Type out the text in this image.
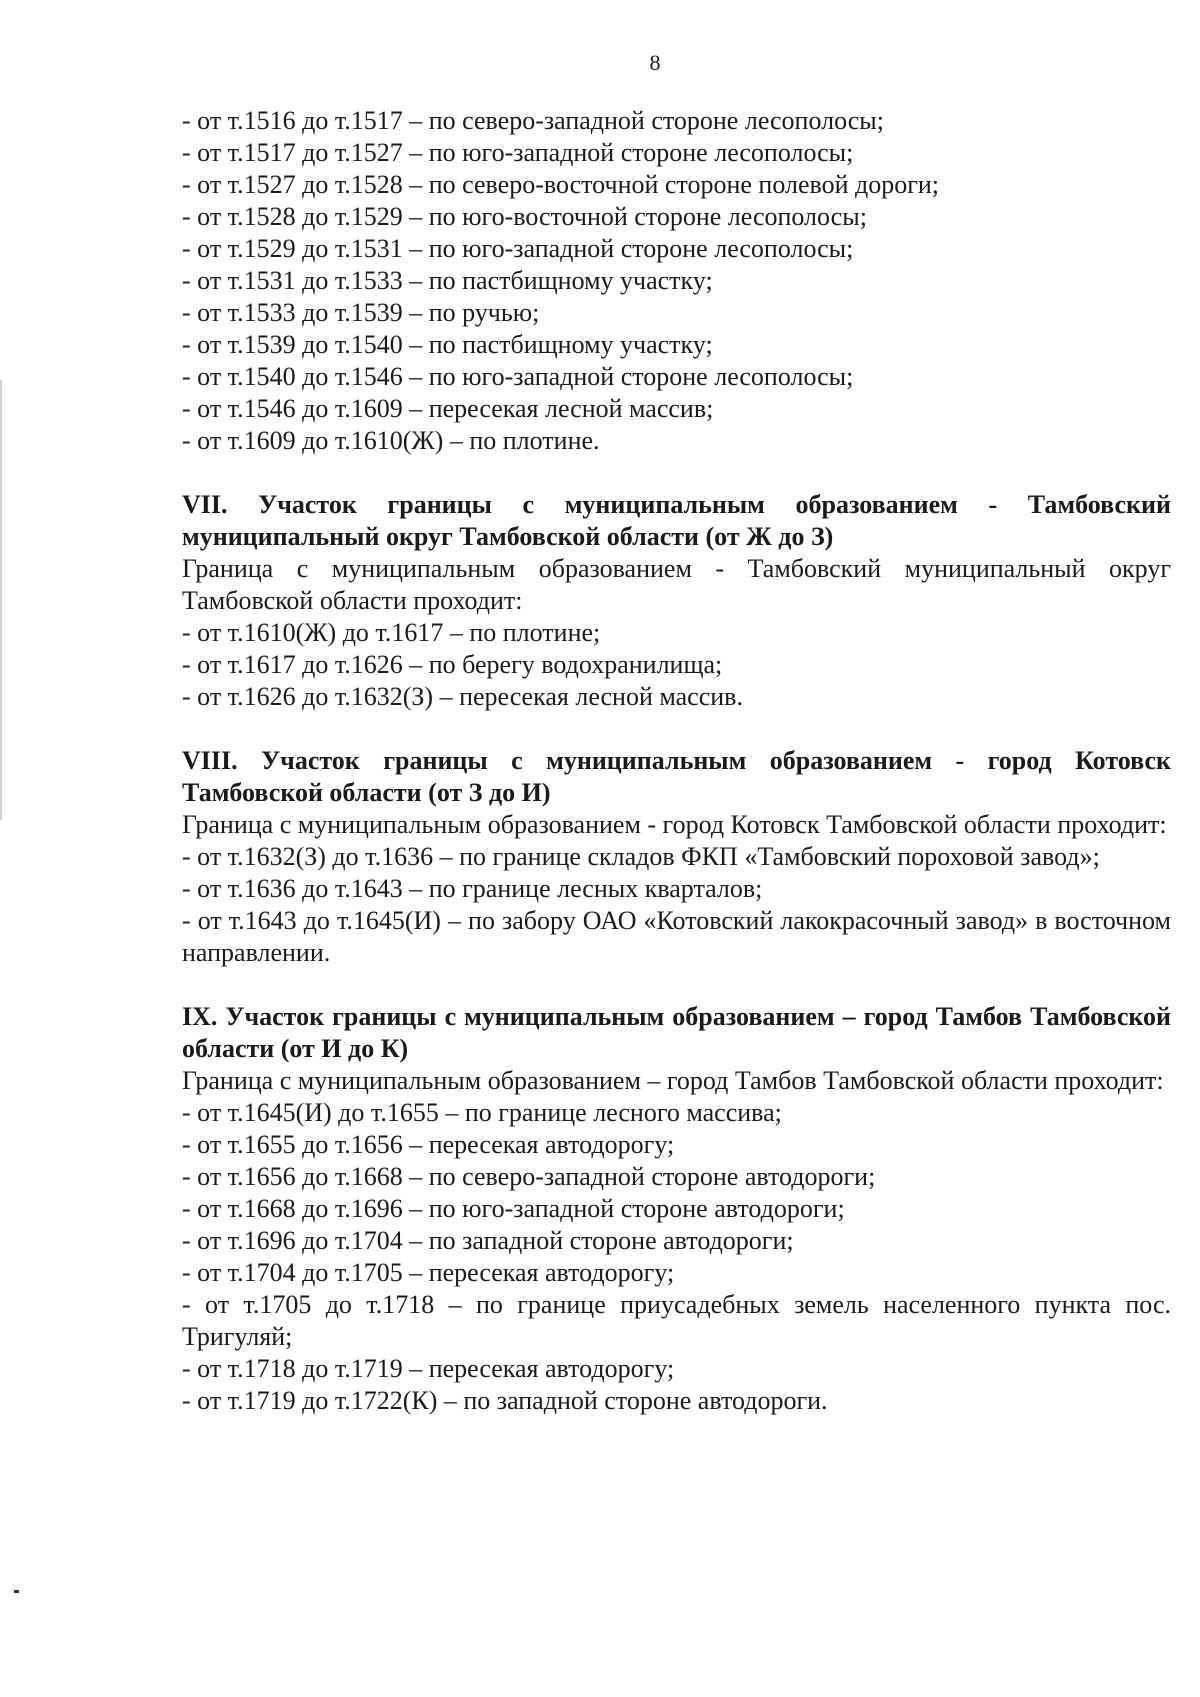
8

- от т.1516 до т.1517 – по северо-западной стороне лесополосы;

- от т.1517 до т.1527 – по юго-западной стороне лесополосы;

- от т.1527 до т.1528 – по северо-восточной стороне полевой дороги;

- от т.1528 до т.1529 – по юго-восточной стороне лесополосы;

- от т.1529 до т.1531 – по юго-западной стороне лесополосы;

- от т.1531 до т.1533 – по пастбищному участку;

- от т.1533 до т.1539 – по ручью;

- от т.1539 до т.1540 – по пастбищному участку;

- от т.1540 до т.1546 – по юго-западной стороне лесополосы;

- от т.1546 до т.1609 – пересекая лесной массив;

- от т.1609 до т.1610(Ж) – по плотине.

VII. Участок границы с муниципальным образованием - Тамбовский муниципальный округ Тамбовской области (от Ж до З)

Граница с муниципальным образованием - Тамбовский муниципальный округ Тамбовской области проходит:

- от т.1610(Ж) до т.1617 – по плотине;

- от т.1617 до т.1626 – по берегу водохранилища;

- от т.1626 до т.1632(З) – пересекая лесной массив.

VIII. Участок границы с муниципальным образованием - город Котовск Тамбовской области (от З до И)

Граница с муниципальным образованием - город Котовск Тамбовской области проходит:

- от т.1632(З) до т.1636 – по границе складов ФКП «Тамбовский пороховой завод»;

- от т.1636 до т.1643 – по границе лесных кварталов;

- от т.1643 до т.1645(И) – по забору ОАО «Котовский лакокрасочный завод» в восточном направлении.

IX. Участок границы с муниципальным образованием – город Тамбов Тамбовской области (от И до К)

Граница с муниципальным образованием – город Тамбов Тамбовской области проходит:

- от т.1645(И) до т.1655 – по границе лесного массива;

- от т.1655 до т.1656 – пересекая автодорогу;

- от т.1656 до т.1668 – по северо-западной стороне автодороги;

- от т.1668 до т.1696 – по юго-западной стороне автодороги;

- от т.1696 до т.1704 – по западной стороне автодороги;

- от т.1704 до т.1705 – пересекая автодорогу;

- от т.1705 до т.1718 – по границе приусадебных земель населенного пункта пос. Тригуляй;

- от т.1718 до т.1719 – пересекая автодорогу;

- от т.1719 до т.1722(К) – по западной стороне автодороги.
